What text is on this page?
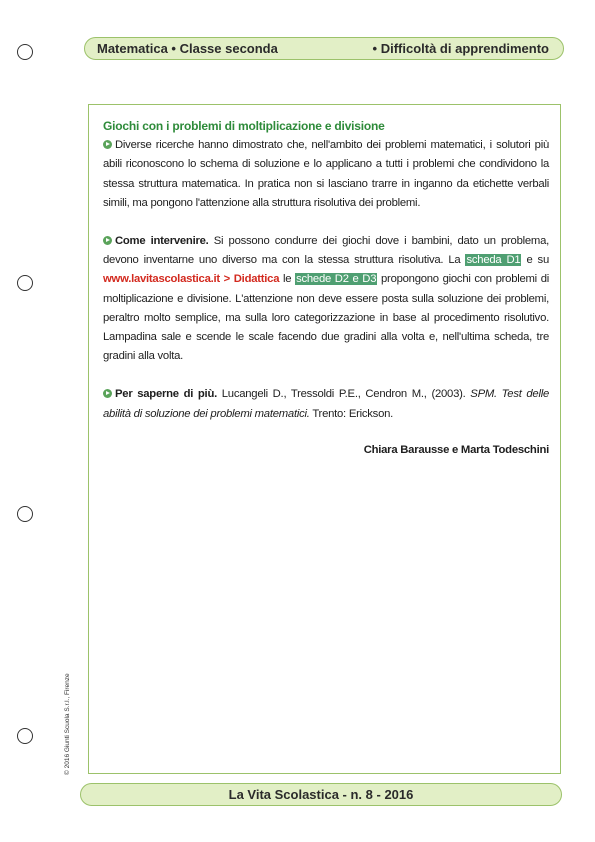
Matematica • Classe seconda	• Difficoltà di apprendimento
Giochi con i problemi di moltiplicazione e divisione
Diverse ricerche hanno dimostrato che, nell'ambito dei problemi matematici, i solutori più abili riconoscono lo schema di soluzione e lo applicano a tutti i problemi che condividono la stessa struttura matematica. In pratica non si lasciano trarre in inganno da etichette verbali simili, ma pongono l'attenzione alla struttura risolutiva dei problemi.
Come intervenire. Si possono condurre dei giochi dove i bambini, dato un problema, devono inventarne uno diverso ma con la stessa struttura risolutiva. La scheda D1 e su www.lavitascolastica.it > Didattica le schede D2 e D3 propongono giochi con problemi di moltiplicazione e divisione. L'attenzione non deve essere posta sulla soluzione dei problemi, peraltro molto semplice, ma sulla loro categorizzazione in base al procedimento risolutivo. Lampadina sale e scende le scale facendo due gradini alla volta e, nell'ultima scheda, tre gradini alla volta.
Per saperne di più. Lucangeli D., Tressoldi P.E., Cendron M., (2003). SPM. Test delle abilità di soluzione dei problemi matematici. Trento: Erickson.
Chiara Barausse e Marta Todeschini
© 2016 Giunti Scuola S.r.l., Firenze
La Vita Scolastica - n. 8 - 2016
